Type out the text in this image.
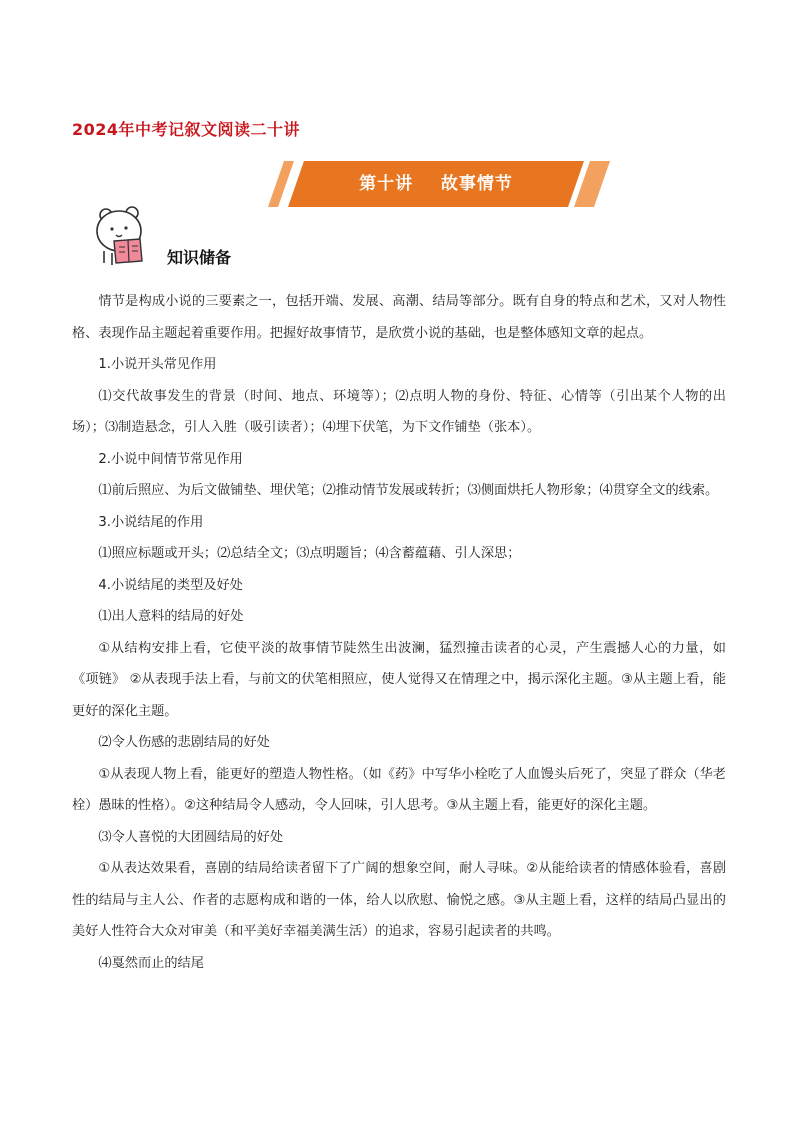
2024年中考记叙文阅读二十讲
第十讲 故事情节
知识储备

情节是构成小说的三要素之一，包括开端、发展、高潮、结局等部分。既有自身的特点和艺术，又对人物性格、表现作品主题起着重要作用。把握好故事情节，是欣赏小说的基础，也是整体感知文章的起点。

1.小说开头常见作用

⑴交代故事发生的背景（时间、地点、环境等）；⑵点明人物的身份、特征、心情等（引出某个人物的出场）；⑶制造悬念，引人入胜（吸引读者）；⑷埋下伏笔，为下文作铺垫（张本）。

2.小说中间情节常见作用

⑴前后照应、为后文做铺垫、埋伏笔；⑵推动情节发展或转折；⑶侧面烘托人物形象；⑷贯穿全文的线索。

3.小说结尾的作用

⑴照应标题或开头；⑵总结全文；⑶点明题旨；⑷含蓄蕴藉、引人深思；

4.小说结尾的类型及好处

⑴出人意料的结局的好处

①从结构安排上看，它使平淡的故事情节陡然生出波澜，猛烈撞击读者的心灵，产生震撼人心的力量，如《项链》 ②从表现手法上看，与前文的伏笔相照应，使人觉得又在情理之中，揭示深化主题。③从主题上看，能更好的深化主题。

⑵令人伤感的悲剧结局的好处

①从表现人物上看，能更好的塑造人物性格。（如《药》中写华小栓吃了人血馒头后死了，突显了群众（华老栓）愚昧的性格）。②这种结局令人感动，令人回味，引人思考。③从主题上看，能更好的深化主题。

⑶令人喜悦的大团圆结局的好处

①从表达效果看，喜剧的结局给读者留下了广阔的想象空间，耐人寻味。②从能给读者的情感体验看，喜剧性的结局与主人公、作者的志愿构成和谐的一体，给人以欣慰、愉悦之感。③从主题上看，这样的结局凸显出的美好人性符合大众对审美（和平美好幸福美满生活）的追求，容易引起读者的共鸣。

⑷戛然而止的结尾
